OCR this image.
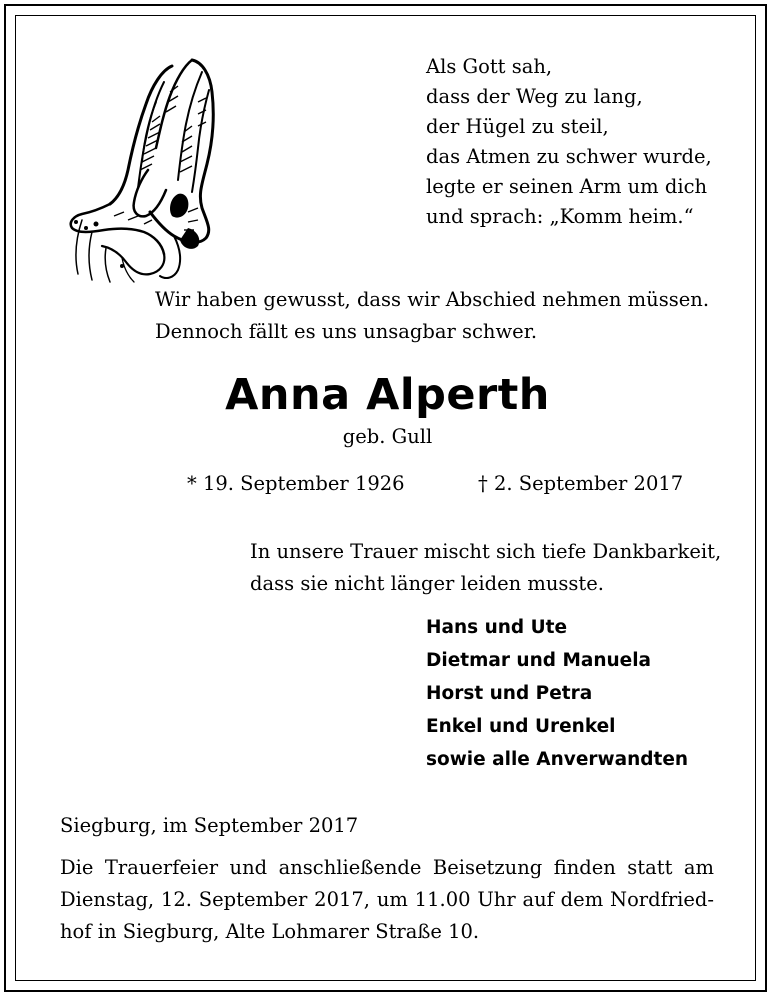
Als Gott sah,
dass der Weg zu lang,
der Hügel zu steil,
das Atmen zu schwer wurde,
legte er seinen Arm um dich
und sprach: „Komm heim.“
Wir haben gewusst, dass wir Abschied nehmen müssen.
Dennoch fällt es uns unsagbar schwer.
Anna Alperth
geb. Gull
* 19. September 1926	† 2. September 2017
In unsere Trauer mischt sich tiefe Dankbarkeit,
dass sie nicht länger leiden musste.
Hans und Ute
Dietmar und Manuela
Horst und Petra
Enkel und Urenkel
sowie alle Anverwandten
Siegburg, im September 2017
Die Trauerfeier und anschließende Beisetzung finden statt am
Dienstag, 12. September 2017, um 11.00 Uhr auf dem Nordfried-
hof in Siegburg, Alte Lohmarer Straße 10.
